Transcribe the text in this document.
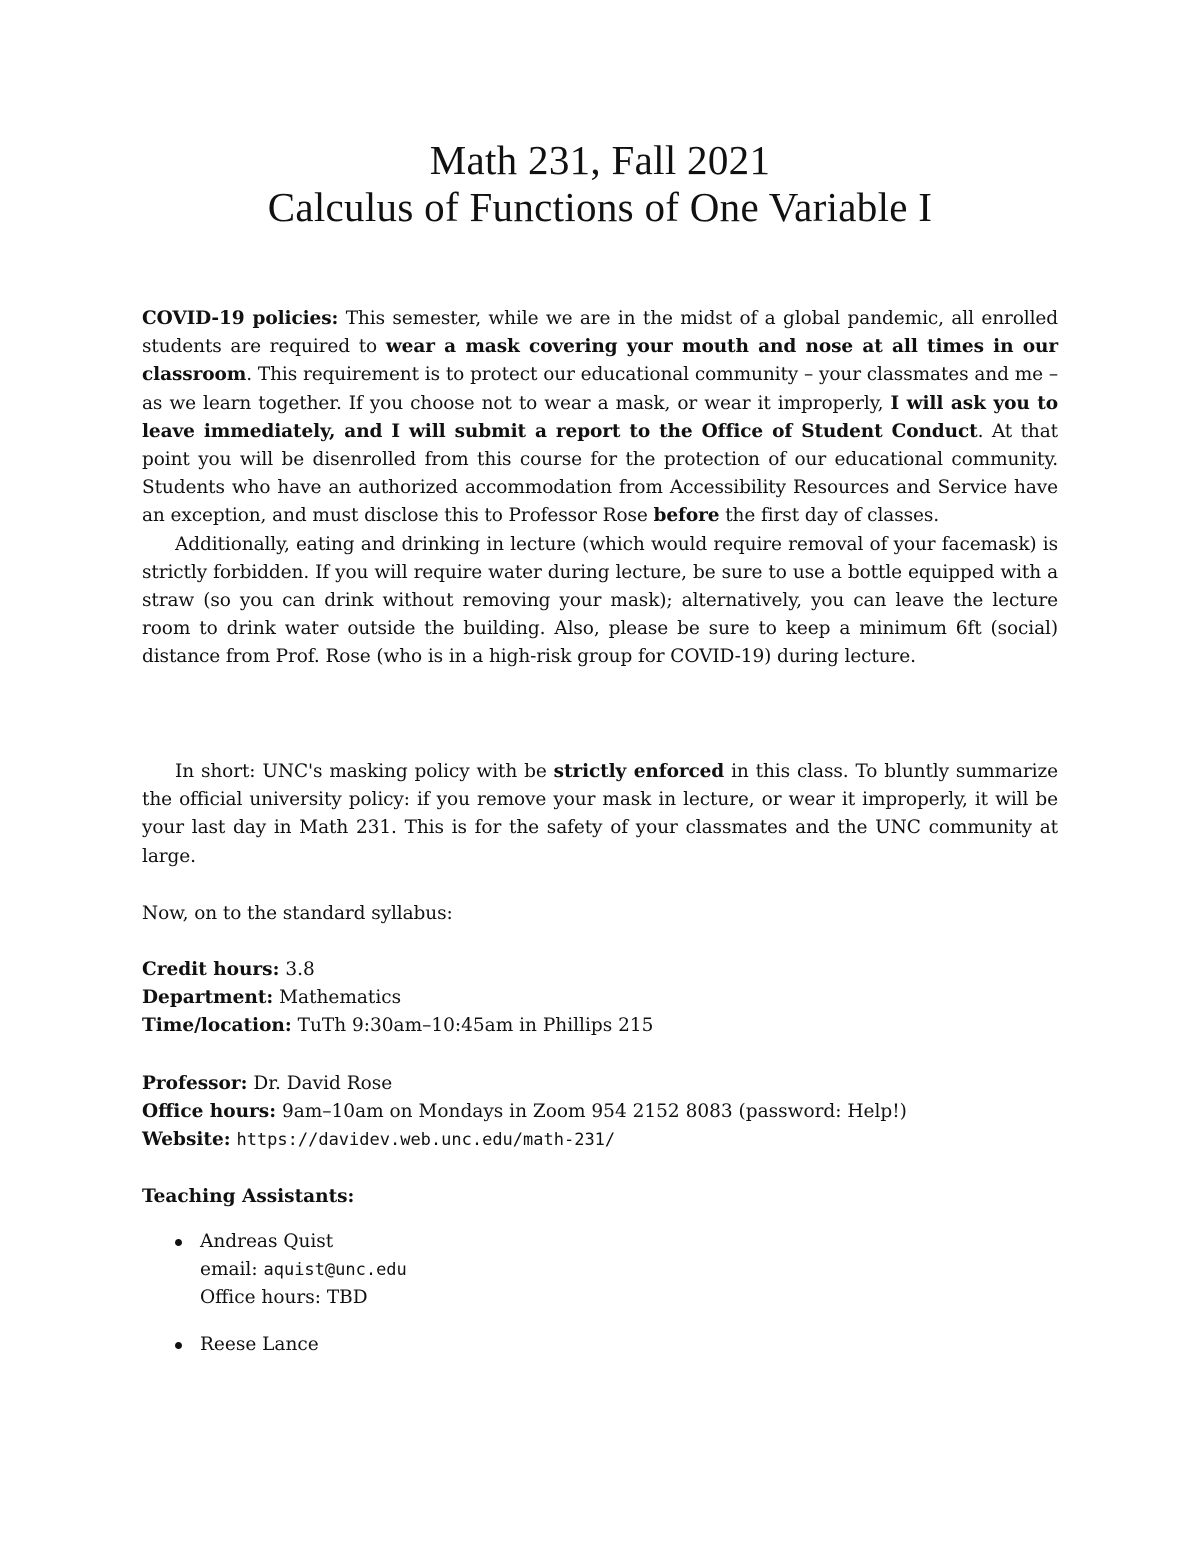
Math 231, Fall 2021
Calculus of Functions of One Variable I

COVID-19 policies: This semester, while we are in the midst of a global pandemic, all enrolled students are required to wear a mask covering your mouth and nose at all times in our classroom. This requirement is to protect our educational community – your classmates and me – as we learn together. If you choose not to wear a mask, or wear it improperly, I will ask you to leave immediately, and I will submit a report to the Office of Student Conduct. At that point you will be disenrolled from this course for the protection of our educational community. Students who have an authorized accommodation from Accessibility Resources and Service have an exception, and must disclose this to Professor Rose before the first day of classes.

Additionally, eating and drinking in lecture (which would require removal of your facemask) is strictly forbidden. If you will require water during lecture, be sure to use a bottle equipped with a straw (so you can drink without removing your mask); alternatively, you can leave the lecture room to drink water outside the building. Also, please be sure to keep a minimum 6ft (social) distance from Prof. Rose (who is in a high-risk group for COVID-19) during lecture.

In short: UNC's masking policy with be strictly enforced in this class. To bluntly summarize the official university policy: if you remove your mask in lecture, or wear it improperly, it will be your last day in Math 231. This is for the safety of your classmates and the UNC community at large.

Now, on to the standard syllabus:
Credit hours: 3.8
Department: Mathematics
Time/location: TuTh 9:30am–10:45am in Phillips 215
Professor: Dr. David Rose
Office hours: 9am–10am on Mondays in Zoom 954 2152 8083 (password: Help!)
Website: https://davidev.web.unc.edu/math-231/
Teaching Assistants:
Andreas Quist
email: aquist@unc.edu
Office hours: TBD
Reese Lance
